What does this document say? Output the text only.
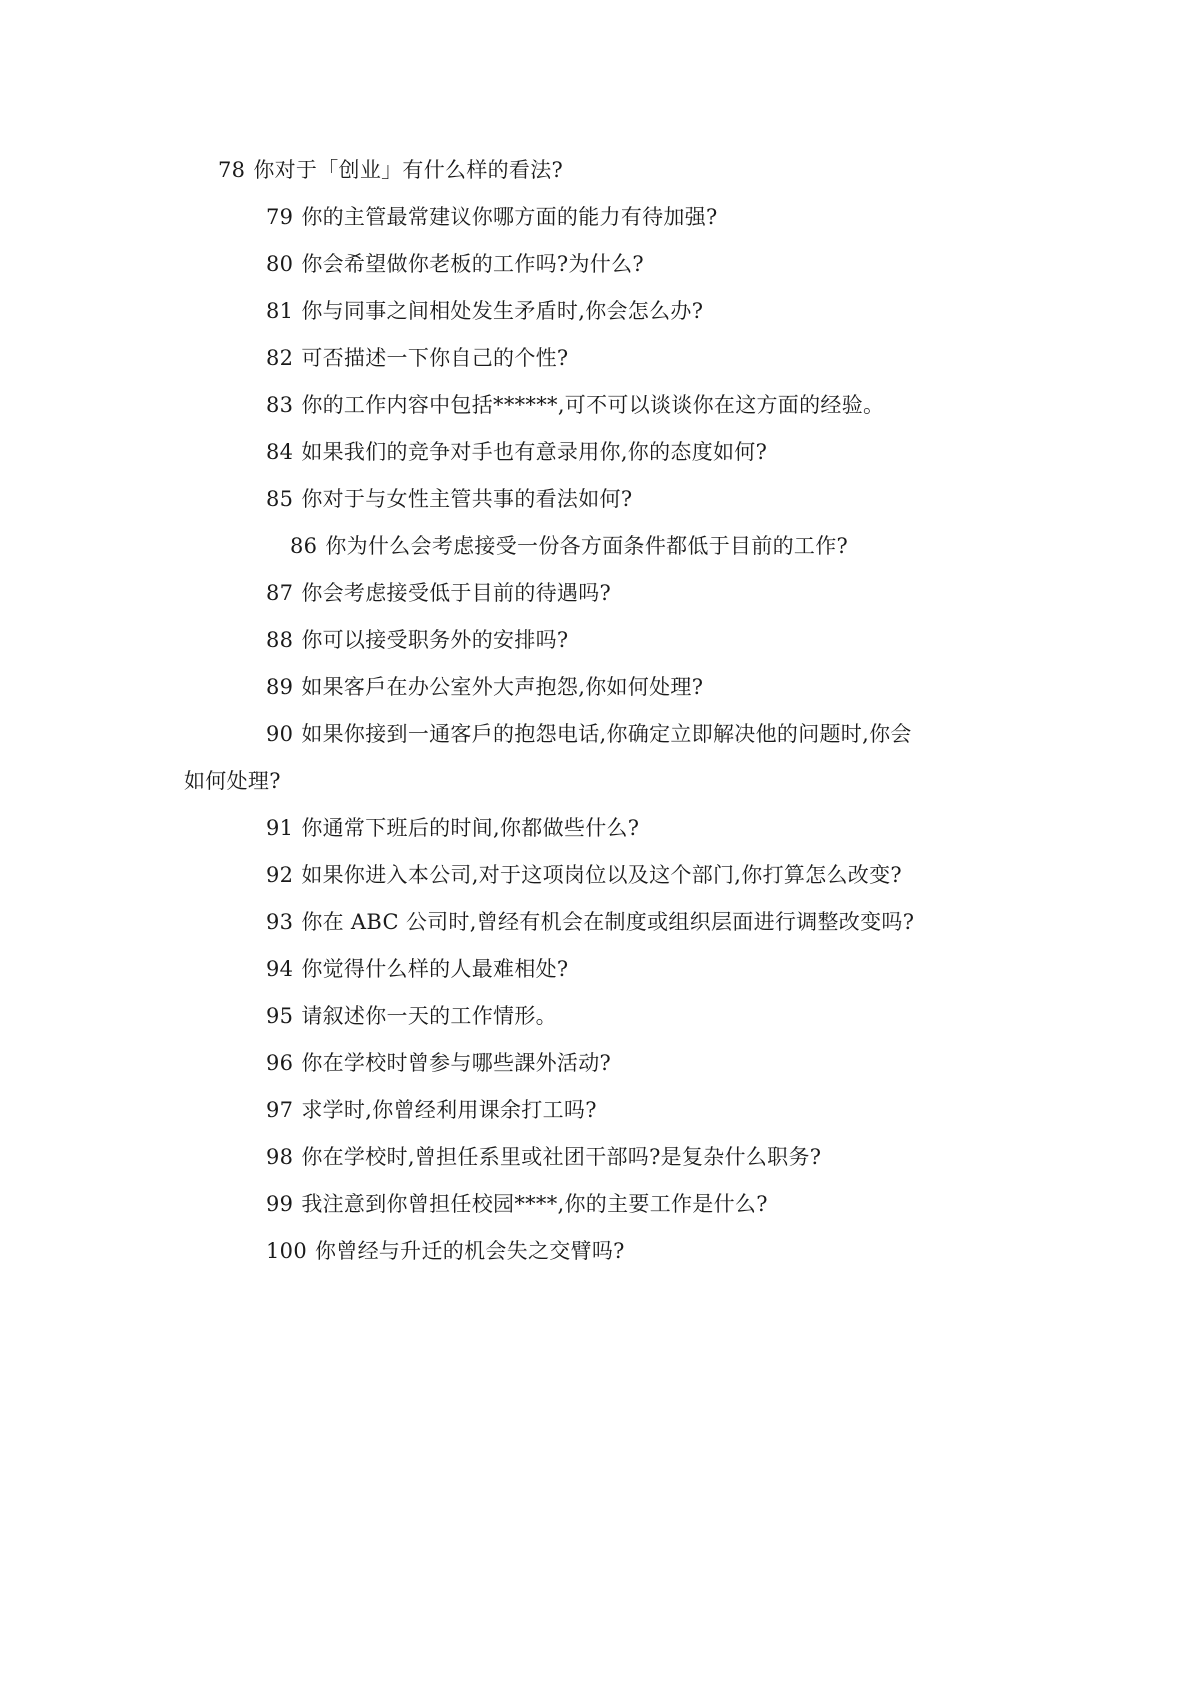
78 你对于「创业」有什么样的看法?
79 你的主管最常建议你哪方面的能力有待加强?
80 你会希望做你老板的工作吗?为什么?
81 你与同事之间相处发生矛盾时,你会怎么办?
82 可否描述一下你自己的个性?
83 你的工作内容中包括******,可不可以谈谈你在这方面的经验。
84 如果我们的竞争对手也有意录用你,你的态度如何?
85 你对于与女性主管共事的看法如何?
86 你为什么会考虑接受一份各方面条件都低于目前的工作?
87 你会考虑接受低于目前的待遇吗?
88 你可以接受职务外的安排吗?
89 如果客戶在办公室外大声抱怨,你如何处理?
90 如果你接到一通客戶的抱怨电话,你确定立即解决他的问题时,你会
如何处理?
91 你通常下班后的时间,你都做些什么?
92 如果你进入本公司,对于这项岗位以及这个部门,你打算怎么改变?
93 你在 ABC 公司时,曾经有机会在制度或组织层面进行调整改变吗?
94 你觉得什么样的人最难相处?
95 请叙述你一天的工作情形。
96 你在学校时曾参与哪些課外活动?
97 求学时,你曾经利用课余打工吗?
98 你在学校时,曾担任系里或社团干部吗?是复杂什么职务?
99 我注意到你曾担任校园****,你的主要工作是什么?
100 你曾经与升迁的机会失之交臂吗?
